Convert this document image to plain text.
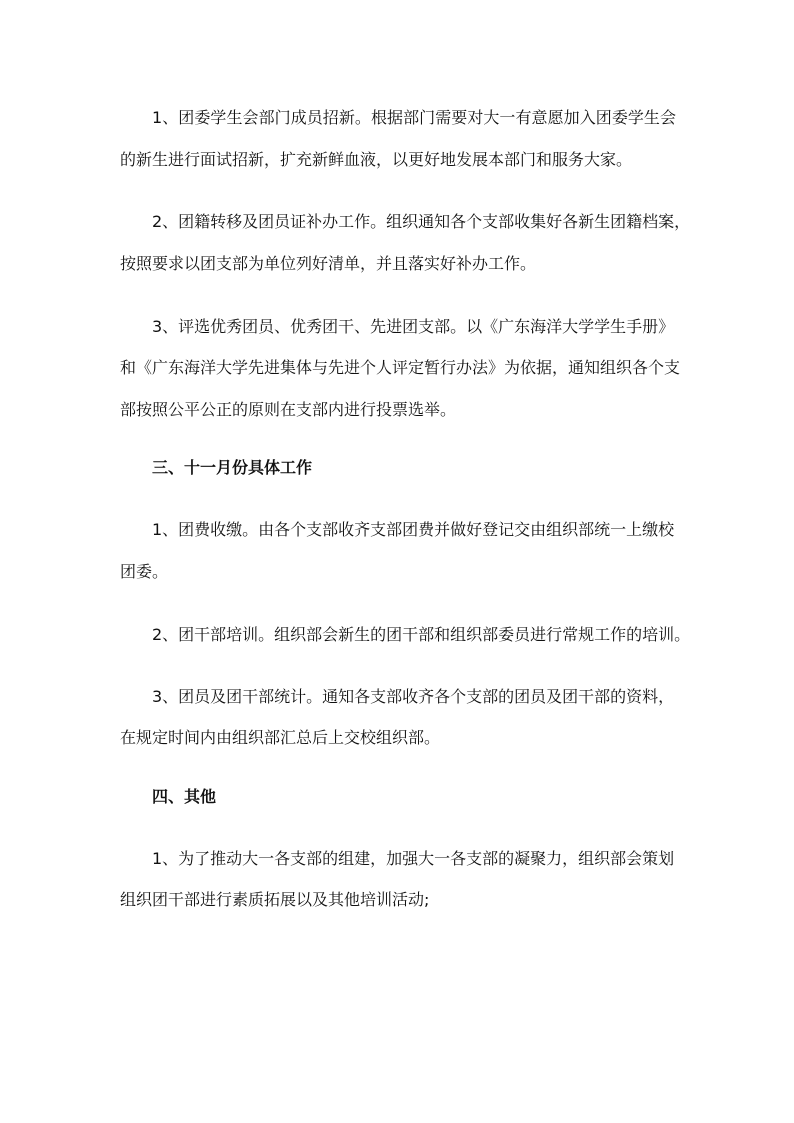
1、团委学生会部门成员招新。根据部门需要对大一有意愿加入团委学生会
的新生进行面试招新，扩充新鲜血液，以更好地发展本部门和服务大家。
2、团籍转移及团员证补办工作。组织通知各个支部收集好各新生团籍档案，
按照要求以团支部为单位列好清单，并且落实好补办工作。
3、评选优秀团员、优秀团干、先进团支部。以《广东海洋大学学生手册》
和《广东海洋大学先进集体与先进个人评定暂行办法》为依据，通知组织各个支
部按照公平公正的原则在支部内进行投票选举。
三、十一月份具体工作
1、团费收缴。由各个支部收齐支部团费并做好登记交由组织部统一上缴校
团委。
2、团干部培训。组织部会新生的团干部和组织部委员进行常规工作的培训。
3、团员及团干部统计。通知各支部收齐各个支部的团员及团干部的资料，
在规定时间内由组织部汇总后上交校组织部。
四、其他
1、为了推动大一各支部的组建，加强大一各支部的凝聚力，组织部会策划
组织团干部进行素质拓展以及其他培训活动;
